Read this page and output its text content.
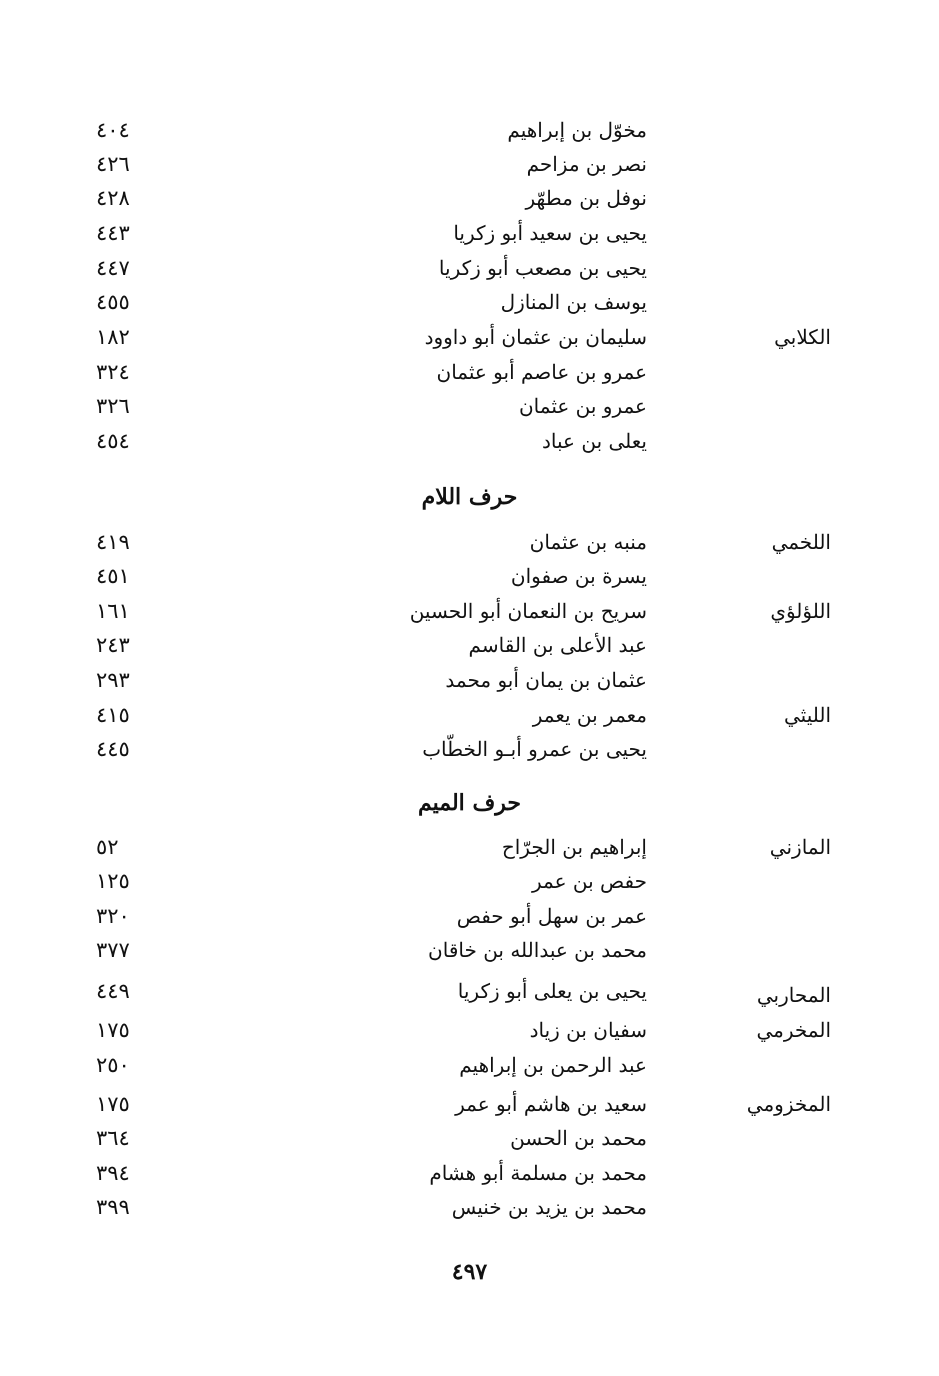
٤٠٤	مخوّل بن إبراهيم
٤٢٦	نصر بن مزاحم
٤٢٨	نوفل بن مطهّر
٤٤٣	يحيى بن سعيد أبو زكريا
٤٤٧	يحيى بن مصعب أبو زكريا
٤٥٥	يوسف بن المنازل
١٨٢	سليمان بن عثمان أبو داوود	الكلابي
٣٢٤	عمرو بن عاصم أبو عثمان
٣٢٦	عمرو بن عثمان
٤٥٤	يعلى بن عباد
حرف اللام
٤١٩	منبه بن عثمان	اللخمي
٤٥١	يسرة بن صفوان
١٦١	سريح بن النعمان أبو الحسين	اللؤلؤي
٢٤٣	عبد الأعلى بن القاسم
٢٩٣	عثمان بن يمان أبو محمد
٤١٥	معمر بن يعمر	الليثي
٤٤٥	يحيى بن عمرو أبـو الخطّاب
حرف الميم
٥٢	إبراهيم بن الجرّاح	المازني
١٢٥	حفص بن عمر
٣٢٠	عمر بن سهل أبو حفص
٣٧٧	محمد بن عبدالله بن خاقان
٤٤٩	يحيى بن يعلى أبو زكريا	المحاربي
١٧٥	سفيان بن زياد	المخرمي
٢٥٠	عبد الرحمن بن إبراهيم
١٧٥	سعيد بن هاشم أبو عمر	المخزومي
٣٦٤	محمد بن الحسن
٣٩٤	محمد بن مسلمة أبو هشام
٣٩٩	محمد بن يزيد بن خنيس
٤٩٧
